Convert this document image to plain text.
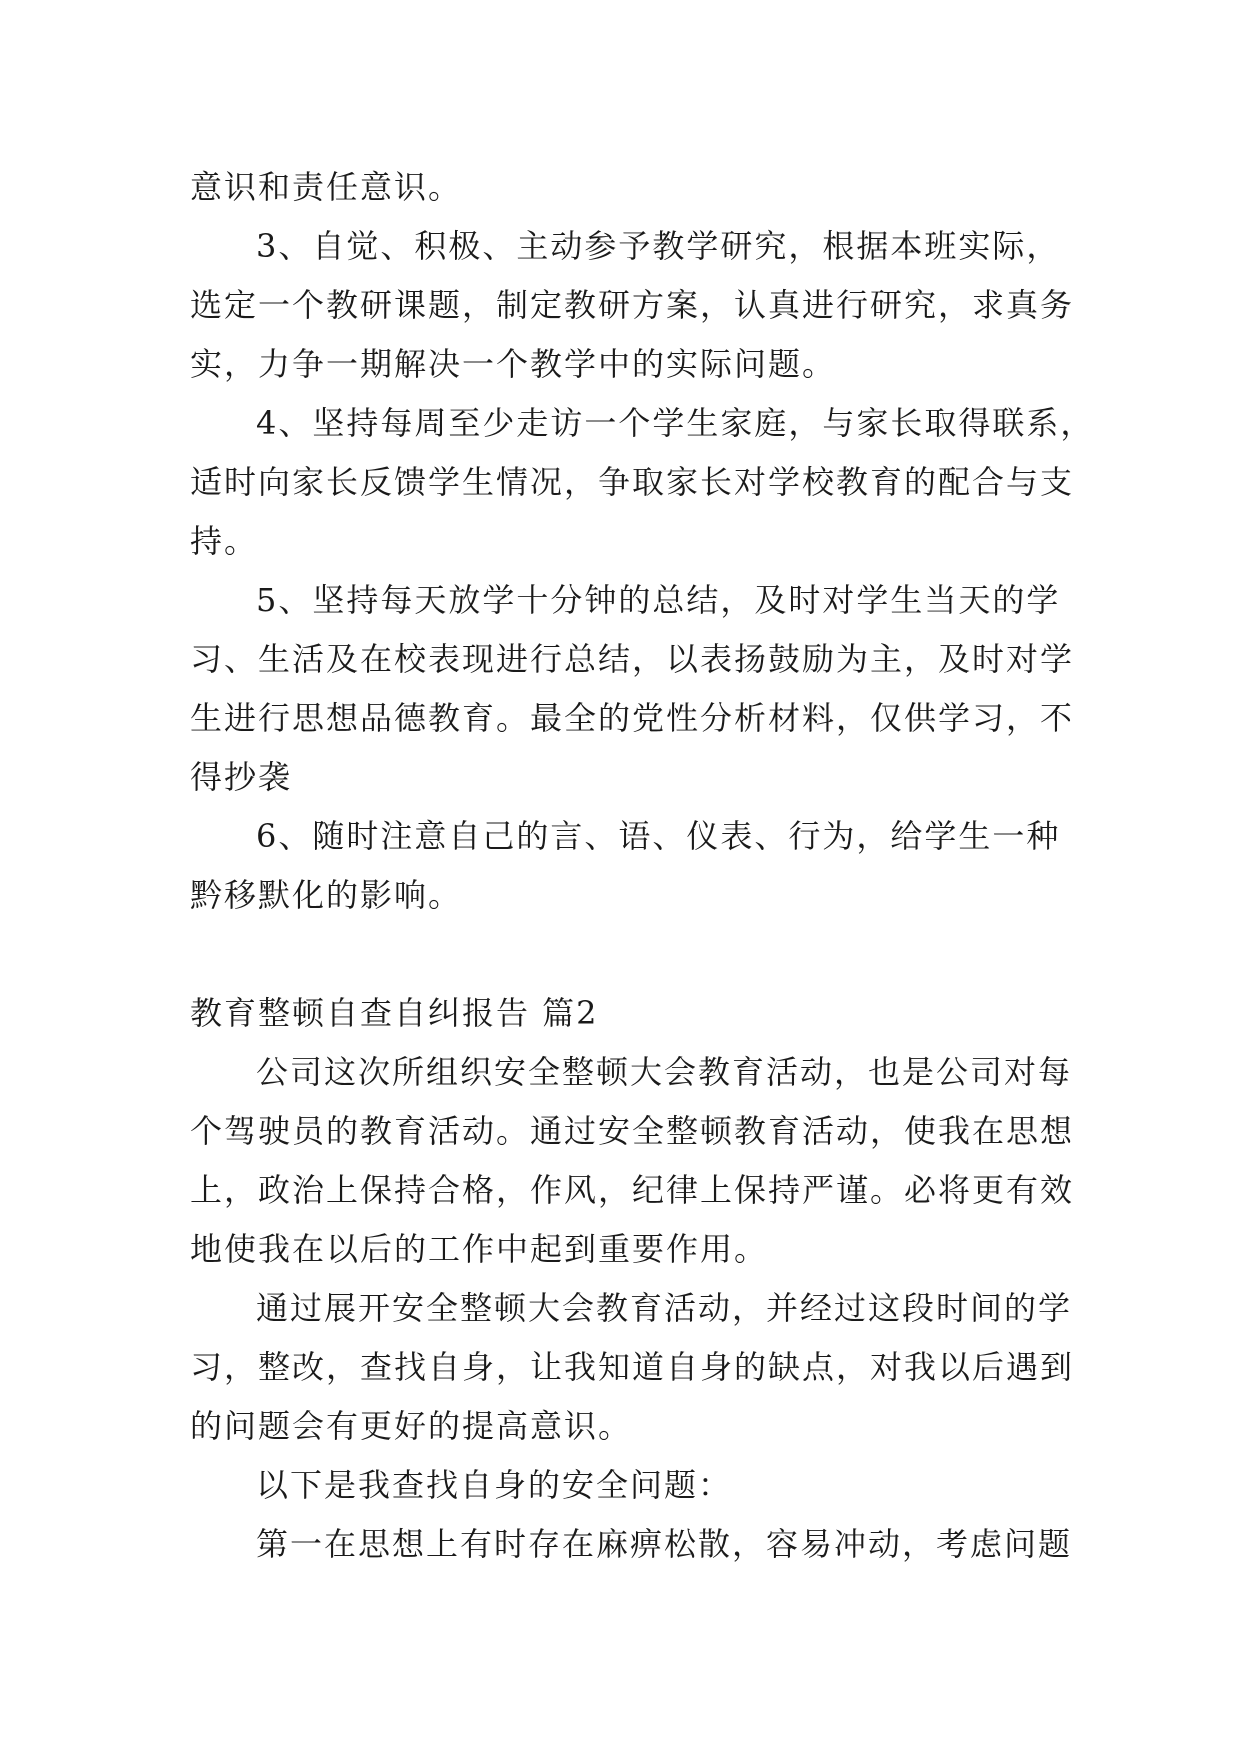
意识和责任意识。
3、自觉、积极、主动参予教学研究，根据本班实际，
选定一个教研课题，制定教研方案，认真进行研究，求真务
实，力争一期解决一个教学中的实际问题。
4、坚持每周至少走访一个学生家庭，与家长取得联系，
适时向家长反馈学生情况，争取家长对学校教育的配合与支
持。
5、坚持每天放学十分钟的总结，及时对学生当天的学
习、生活及在校表现进行总结，以表扬鼓励为主，及时对学
生进行思想品德教育。最全的党性分析材料，仅供学习，不
得抄袭
6、随时注意自己的言、语、仪表、行为，给学生一种
黔移默化的影响。
教育整顿自查自纠报告 篇2
公司这次所组织安全整顿大会教育活动，也是公司对每
个驾驶员的教育活动。通过安全整顿教育活动，使我在思想
上，政治上保持合格，作风，纪律上保持严谨。必将更有效
地使我在以后的工作中起到重要作用。
通过展开安全整顿大会教育活动，并经过这段时间的学
习，整改，查找自身，让我知道自身的缺点，对我以后遇到
的问题会有更好的提高意识。
以下是我查找自身的安全问题：
第一在思想上有时存在麻痹松散，容易冲动，考虑问题
